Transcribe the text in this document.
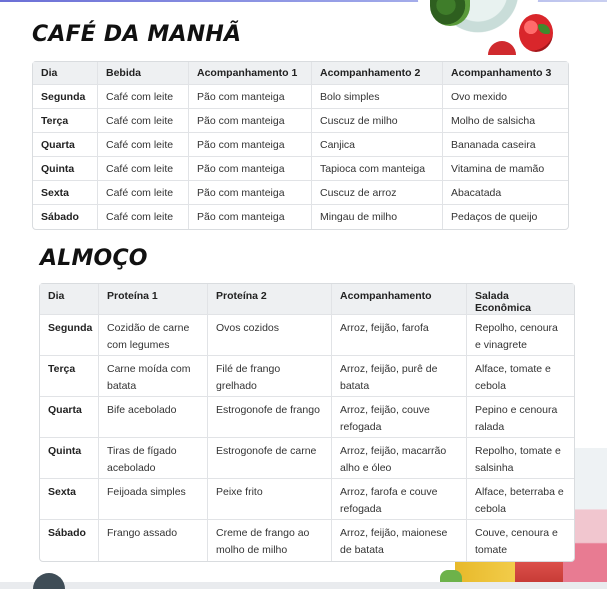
CAFÉ DA MANHÃ
Dia	Bebida	Acompanhamento 1	Acompanhamento 2	Acompanhamento 3
Segunda	Café com leite	Pão com manteiga	Bolo simples	Ovo mexido
Terça	Café com leite	Pão com manteiga	Cuscuz de milho	Molho de salsicha
Quarta	Café com leite	Pão com manteiga	Canjica	Bananada caseira
Quinta	Café com leite	Pão com manteiga	Tapioca com manteiga	Vitamina de mamão
Sexta	Café com leite	Pão com manteiga	Cuscuz de arroz	Abacatada
Sábado	Café com leite	Pão com manteiga	Mingau de milho	Pedaços de queijo
ALMOÇO
Dia	Proteína 1	Proteína 2	Acompanhamento	Salada Econômica
Segunda	Cozidão de carne com legumes	Ovos cozidos	Arroz, feijão, farofa	Repolho, cenoura e vinagrete
Terça	Carne moída com batata	Filé de frango grelhado	Arroz, feijão, purê de batata	Alface, tomate e cebola
Quarta	Bife acebolado	Estrogonofe de frango	Arroz, feijão, couve refogada	Pepino e cenoura ralada
Quinta	Tiras de fígado acebolado	Estrogonofe de carne	Arroz, feijão, macarrão alho e óleo	Repolho, tomate e salsinha
Sexta	Feijoada simples	Peixe frito	Arroz, farofa e couve refogada	Alface, beterraba e cebola
Sábado	Frango assado	Creme de frango ao molho de milho	Arroz, feijão, maionese de batata	Couve, cenoura e tomate
